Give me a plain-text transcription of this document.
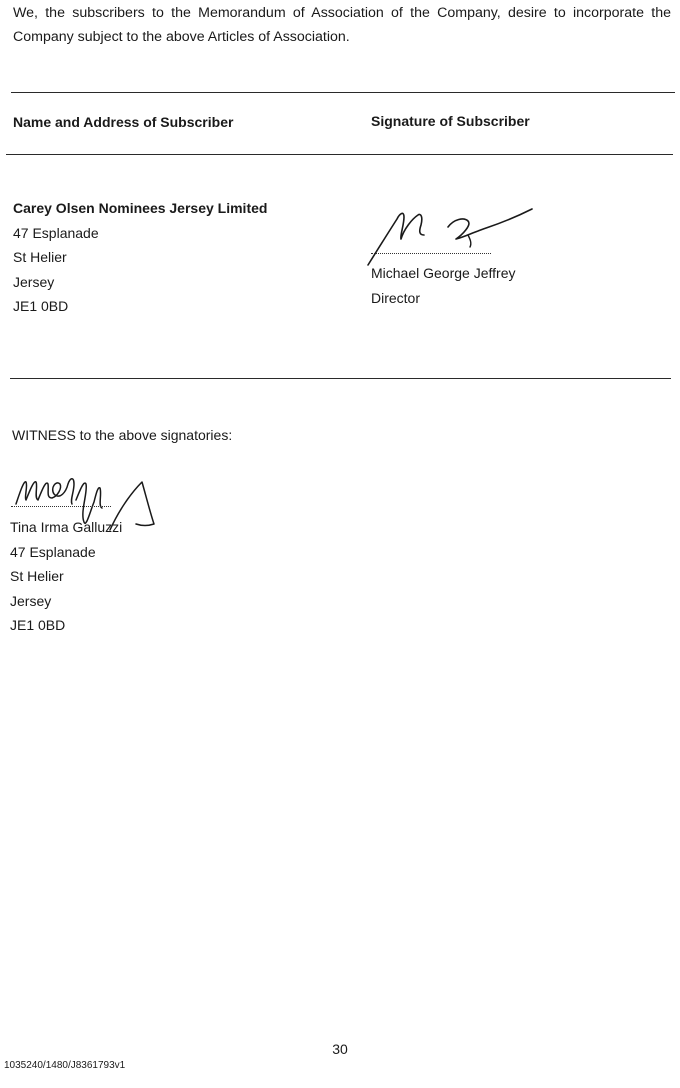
We, the subscribers to the Memorandum of Association of the Company, desire to incorporate the Company subject to the above Articles of Association.
Name and Address of Subscriber	Signature of Subscriber
Carey Olsen Nominees Jersey Limited
47 Esplanade
St Helier
Jersey
JE1 0BD
Michael George Jeffrey
Director
WITNESS to the above signatories:
Tina Irma Galluzzi
47 Esplanade
St Helier
Jersey
JE1 0BD
30
1035240/1480/J8361793v1
